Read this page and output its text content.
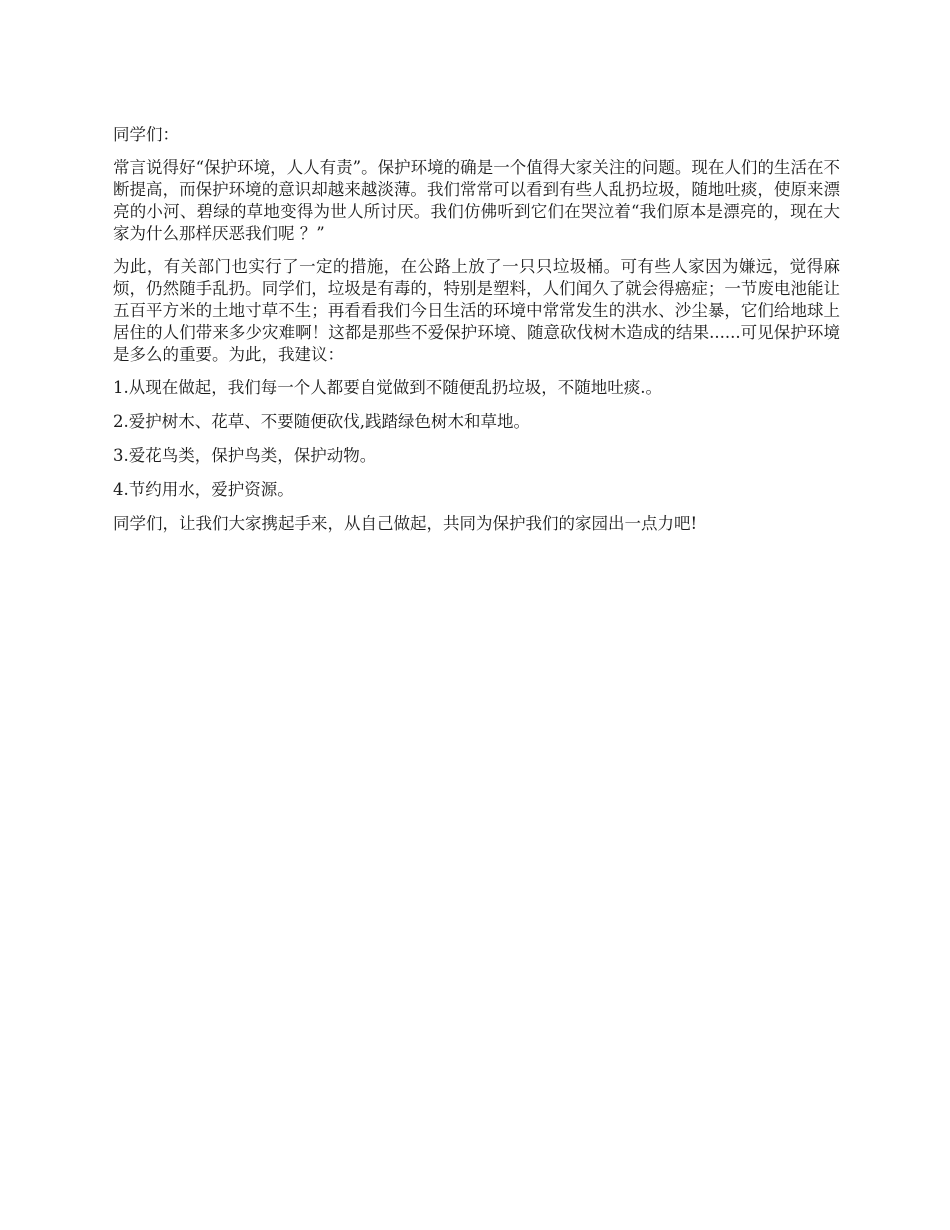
同学们：

常言说得好“保护环境，人人有责”。保护环境的确是一个值得大家关注的问题。现在人们的生活在不断提高，而保护环境的意识却越来越淡薄。我们常常可以看到有些人乱扔垃圾，随地吐痰，使原来漂亮的小河、碧绿的草地变得为世人所讨厌。我们仿佛听到它们在哭泣着“我们原本是漂亮的，现在大家为什么那样厌恶我们呢 ？”

为此，有关部门也实行了一定的措施，在公路上放了一只只垃圾桶。可有些人家因为嫌远，觉得麻烦，仍然随手乱扔。同学们，垃圾是有毒的，特别是塑料，人们闻久了就会得癌症；一节废电池能让五百平方米的土地寸草不生；再看看我们今日生活的环境中常常发生的洪水、沙尘暴，它们给地球上居住的人们带来多少灾难啊！这都是那些不爱保护环境、随意砍伐树木造成的结果......可见保护环境是多么的重要。为此，我建议：

1.从现在做起，我们每一个人都要自觉做到不随便乱扔垃圾，不随地吐痰.。

2.爱护树木、花草、不要随便砍伐,践踏绿色树木和草地。

3.爱花鸟类，保护鸟类，保护动物。

4.节约用水，爱护资源。

同学们，让我们大家携起手来，从自己做起，共同为保护我们的家园出一点力吧!
